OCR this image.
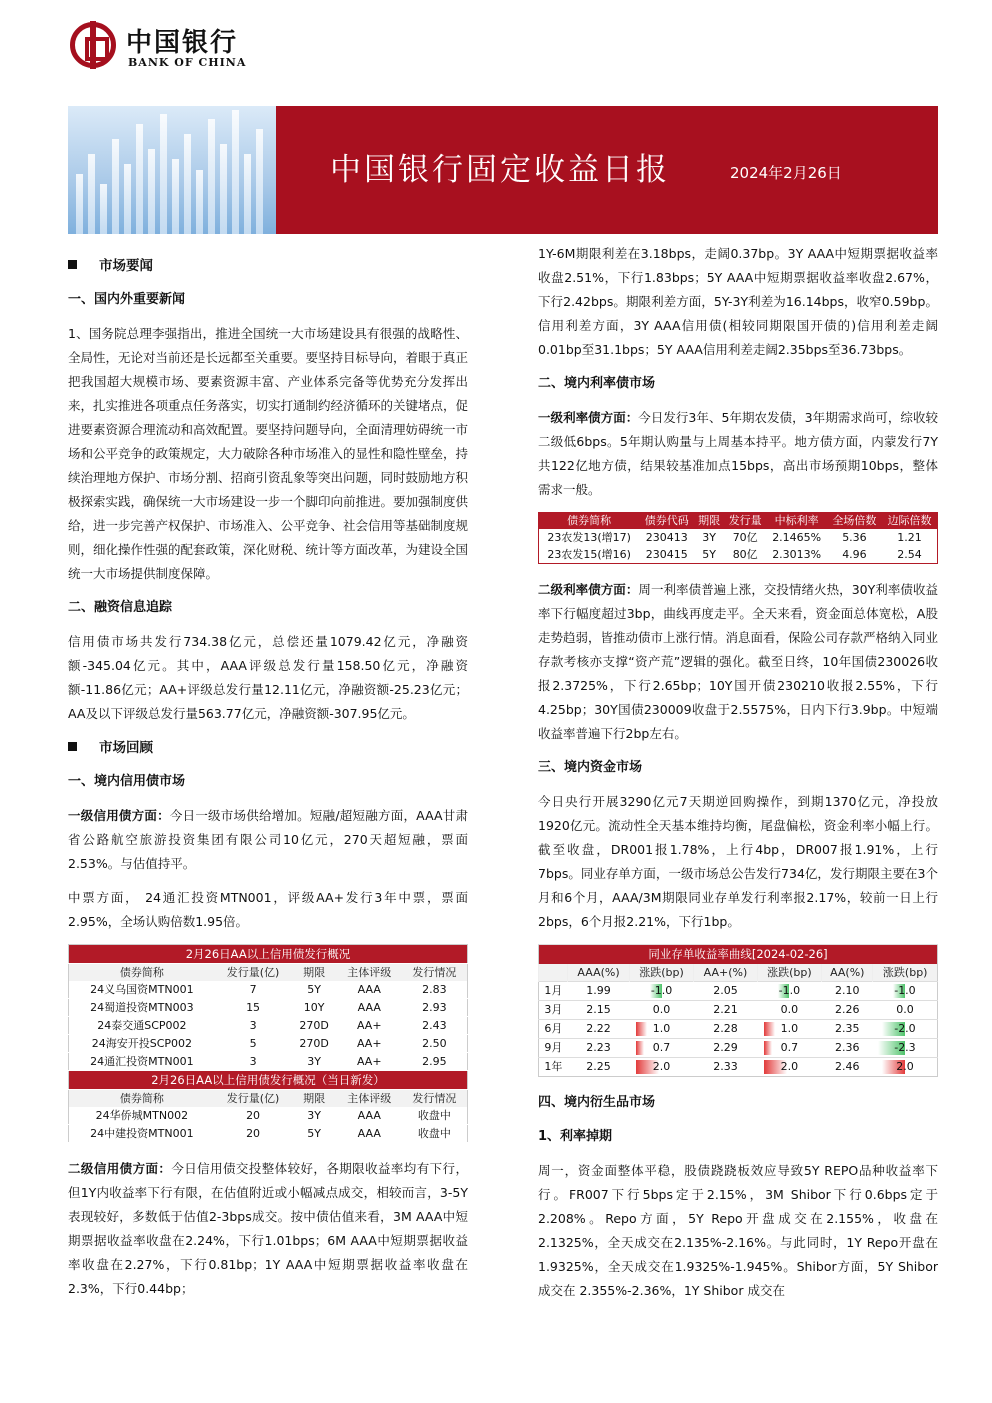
中国银行
BANK OF CHINA
中国银行固定收益日报	2024年2月26日
市场要闻
一、国内外重要新闻
1、国务院总理李强指出，推进全国统一大市场建设具有很强的战略性、全局性，无论对当前还是长远都至关重要。要坚持目标导向，着眼于真正把我国超大规模市场、要素资源丰富、产业体系完备等优势充分发挥出来，扎实推进各项重点任务落实，切实打通制约经济循环的关键堵点，促进要素资源合理流动和高效配置。要坚持问题导向，全面清理妨碍统一市场和公平竞争的政策规定，大力破除各种市场准入的显性和隐性壁垒，持续治理地方保护、市场分割、招商引资乱象等突出问题，同时鼓励地方积极探索实践，确保统一大市场建设一步一个脚印向前推进。要加强制度供给，进一步完善产权保护、市场准入、公平竞争、社会信用等基础制度规则，细化操作性强的配套政策，深化财税、统计等方面改革，为建设全国统一大市场提供制度保障。
二、融资信息追踪
信用债市场共发行734.38亿元，总偿还量1079.42亿元，净融资额-345.04亿元。其中，AAA评级总发行量158.50亿元，净融资额-11.86亿元；AA+评级总发行量12.11亿元，净融资额-25.23亿元；AA及以下评级总发行量563.77亿元，净融资额-307.95亿元。
市场回顾
一、境内信用债市场
一级信用债方面：今日一级市场供给增加。短融/超短融方面，AAA甘肃省公路航空旅游投资集团有限公司10亿元，270天超短融，票面2.53%。与估值持平。
中票方面， 24通汇投资MTN001，评级AA+发行3年中票，票面2.95%，全场认购倍数1.95倍。
2月26日AA以上信用债发行概况				
债券简称	发行量(亿)	期限	主体评级	发行情况
24义乌国资MTN001	7	5Y	AAA	2.83
24蜀道投资MTN003	15	10Y	AAA	2.93
24泰交通SCP002	3	270D	AA+	2.43
24海安开投SCP002	5	270D	AA+	2.50
24通汇投资MTN001	3	3Y	AA+	2.95
2月26日AA以上信用债发行概况（当日新发）				
债券简称	发行量(亿)	期限	主体评级	发行情况
24华侨城MTN002	20	3Y	AAA	收盘中
24中建投资MTN001	20	5Y	AAA	收盘中
二级信用债方面：今日信用债交投整体较好，各期限收益率均有下行，但1Y内收益率下行有限，在估值附近或小幅减点成交，相较而言，3-5Y表现较好，多数低于估值2-3bps成交。按中债估值来看，3M AAA中短期票据收益率收盘在2.24%，下行1.01bps；6M AAA中短期票据收益率收盘在2.27%，下行0.81bp；1Y AAA中短期票据收益率收盘在2.3%，下行0.44bp；
1Y-6M期限利差在3.18bps，走阔0.37bp。3Y AAA中短期票据收益率收盘2.51%，下行1.83bps；5Y AAA中短期票据收益率收盘2.67%，下行2.42bps。期限利差方面，5Y-3Y利差为16.14bps，收窄0.59bp。信用利差方面，3Y AAA信用债(相较同期限国开债的)信用利差走阔0.01bp至31.1bps；5Y AAA信用利差走阔2.35bps至36.73bps。
二、境内利率债市场
一级利率债方面：今日发行3年、5年期农发债，3年期需求尚可，综收较二级低6bps。5年期认购量与上周基本持平。地方债方面，内蒙发行7Y共122亿地方债，结果较基准加点15bps，高出市场预期10bps，整体需求一般。
债券简称	债券代码	期限	发行量	中标利率	全场倍数	边际倍数
23农发13(增17)	230413	3Y	70亿	2.1465%	5.36	1.21
23农发15(增16)	230415	5Y	80亿	2.3013%	4.96	2.54
二级利率债方面：周一利率债普遍上涨，交投情绪火热，30Y利率债收益率下行幅度超过3bp，曲线再度走平。全天来看，资金面总体宽松，A股走势趋弱，皆推动债市上涨行情。消息面看，保险公司存款严格纳入同业存款考核亦支撑“资产荒”逻辑的强化。截至日终，10年国债230026收报2.3725%，下行2.65bp；10Y国开债230210收报2.55%，下行4.25bp；30Y国债230009收盘于2.5575%，日内下行3.9bp。中短端收益率普遍下行2bp左右。
三、境内资金市场
今日央行开展3290亿元7天期逆回购操作，到期1370亿元，净投放1920亿元。流动性全天基本维持均衡，尾盘偏松，资金利率小幅上行。截至收盘，DR001报1.78%，上行4bp，DR007报1.91%，上行7bps。同业存单方面，一级市场总公告发行734亿，发行期限主要在3个月和6个月，AAA/3M期限同业存单发行利率报2.17%，较前一日上行2bps，6个月报2.21%，下行1bp。
同业存单收益率曲线[2024-02-26]						
	AAA(%)	涨跌(bp)	AA+(%)	涨跌(bp)	AA(%)	涨跌(bp)
1月	1.99	-1.0	2.05	-1.0	2.10	-1.0
3月	2.15	0.0	2.21	0.0	2.26	0.0
6月	2.22	1.0	2.28	1.0	2.35	-2.0
9月	2.23	0.7	2.29	0.7	2.36	-2.3
1年	2.25	2.0	2.33	2.0	2.46	2.0
四、境内衍生品市场
1、利率掉期
周一，资金面整体平稳，股债跷跷板效应导致5Y REPO品种收益率下行。FR007下行5bps定于2.15%，3M Shibor下行0.6bps定于2.208%。Repo方面，5Y Repo开盘成交在2.155%，收盘在2.1325%，全天成交在2.135%-2.16%。与此同时，1Y Repo开盘在1.9325%，全天成交在1.9325%-1.945%。Shibor方面，5Y Shibor 成交在 2.355%-2.36%，1Y Shibor 成交在
